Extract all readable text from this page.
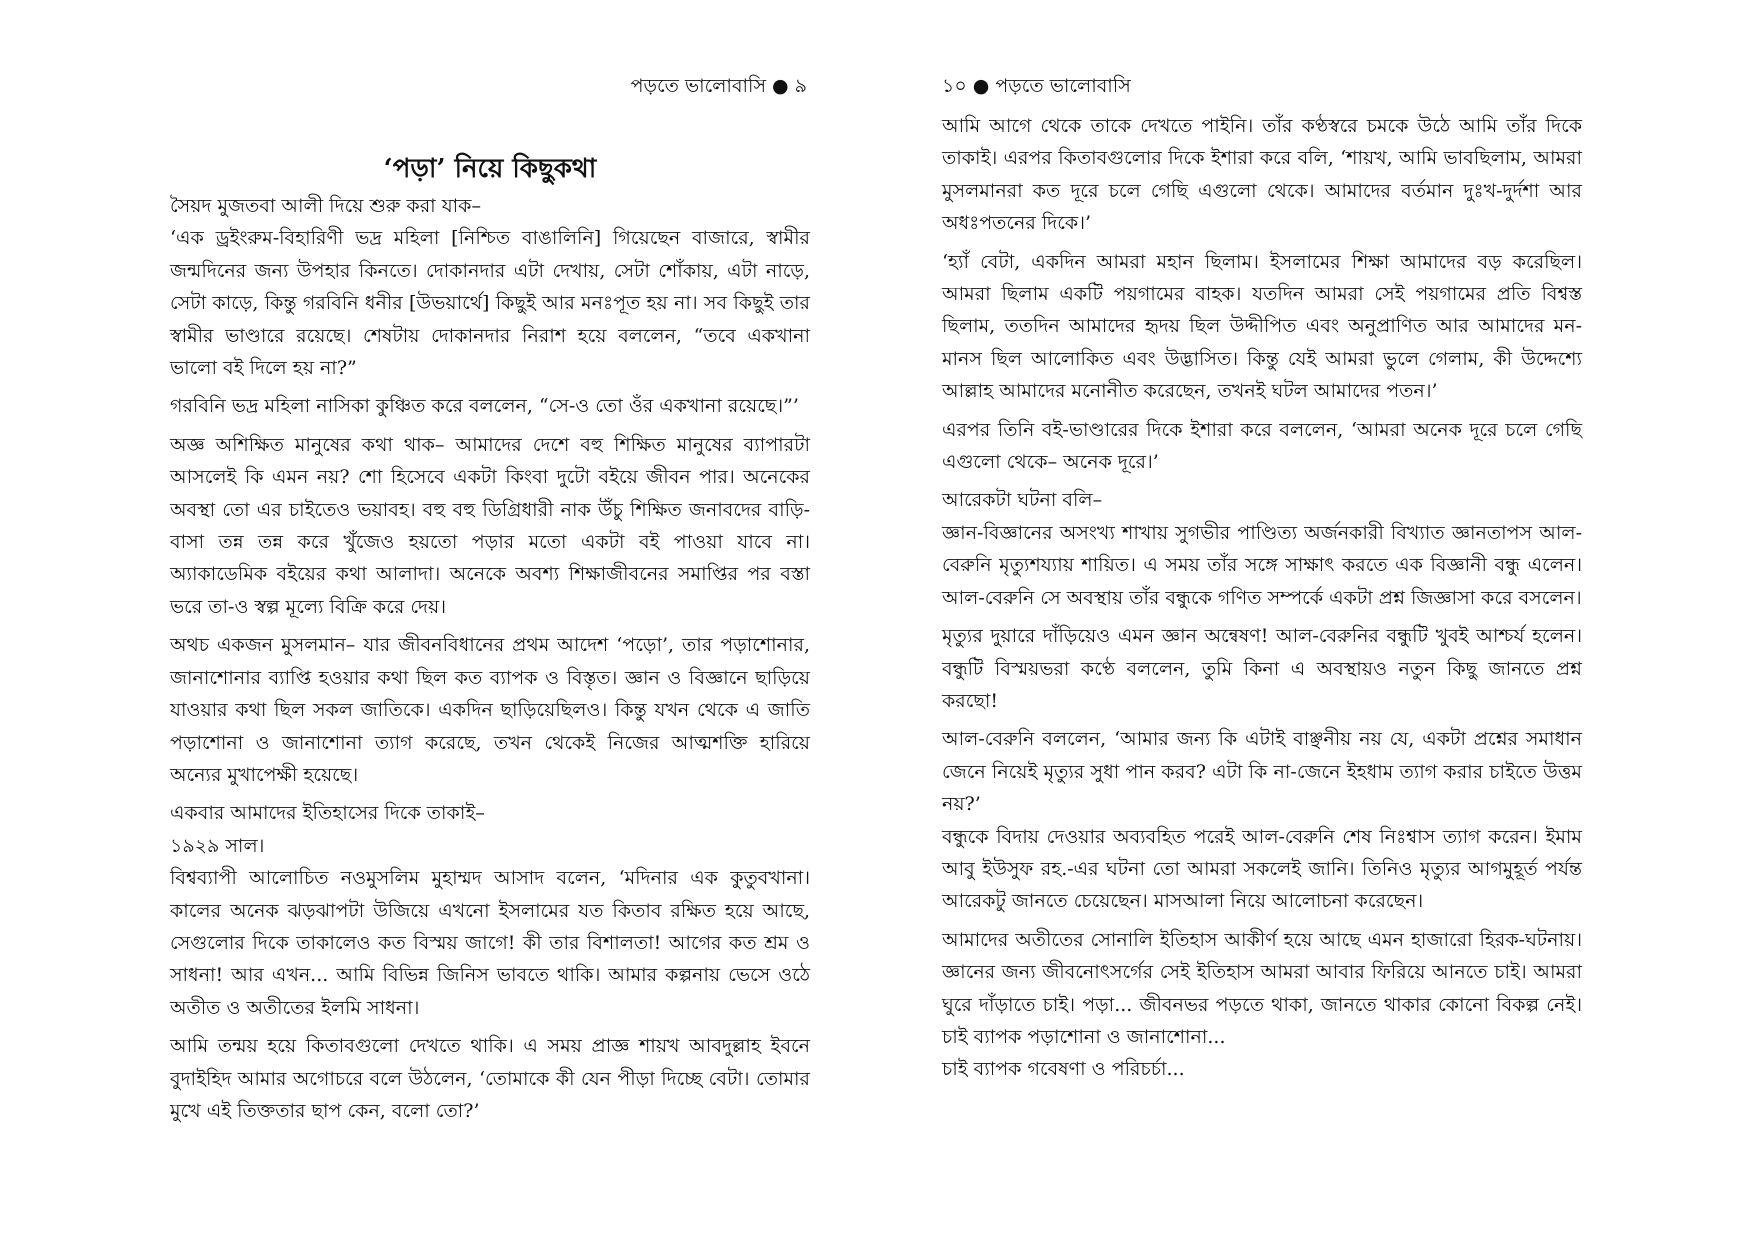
পড়তে ভালোবাসি ● ৯
‘পড়া’ নিয়ে কিছুকথা

সৈয়দ মুজতবা আলী দিয়ে শুরু করা যাক–

‘এক ড্রইংরুম-বিহারিণী ভদ্র মহিলা [নিশ্চিত বাঙালিনি] গিয়েছেন বাজারে, স্বামীর জন্মদিনের জন্য উপহার কিনতে। দোকানদার এটা দেখায়, সেটা শোঁকায়, এটা নাড়ে, সেটা কাড়ে, কিন্তু গরবিনি ধনীর [উভয়ার্থে] কিছুই আর মনঃপূত হয় না। সব কিছুই তার স্বামীর ভাণ্ডারে রয়েছে। শেষটায় দোকানদার নিরাশ হয়ে বললেন, “তবে একখানা ভালো বই দিলে হয় না?”

গরবিনি ভদ্র মহিলা নাসিকা কুঞ্চিত করে বললেন, “সে-ও তো ওঁর একখানা রয়েছে।”’

অজ্ঞ অশিক্ষিত মানুষের কথা থাক– আমাদের দেশে বহু শিক্ষিত মানুষের ব্যাপারটা আসলেই কি এমন নয়? শো হিসেবে একটা কিংবা দুটো বইয়ে জীবন পার। অনেকের অবস্থা তো এর চাইতেও ভয়াবহ। বহু বহু ডিগ্রিধারী নাক উঁচু শিক্ষিত জনাবদের বাড়ি-বাসা তন্ন তন্ন করে খুঁজেও হয়তো পড়ার মতো একটা বই পাওয়া যাবে না। অ্যাকাডেমিক বইয়ের কথা আলাদা। অনেকে অবশ্য শিক্ষাজীবনের সমাপ্তির পর বস্তা ভরে তা-ও স্বল্প মূল্যে বিক্রি করে দেয়।

অথচ একজন মুসলমান– যার জীবনবিধানের প্রথম আদেশ ‘পড়ো’, তার পড়াশোনার, জানাশোনার ব্যাপ্তি হওয়ার কথা ছিল কত ব্যাপক ও বিস্তৃত। জ্ঞান ও বিজ্ঞানে ছাড়িয়ে যাওয়ার কথা ছিল সকল জাতিকে। একদিন ছাড়িয়েছিলও। কিন্তু যখন থেকে এ জাতি পড়াশোনা ও জানাশোনা ত্যাগ করেছে, তখন থেকেই নিজের আত্মশক্তি হারিয়ে অন্যের মুখাপেক্ষী হয়েছে।

একবার আমাদের ইতিহাসের দিকে তাকাই–

১৯২৯ সাল।

বিশ্বব্যাপী আলোচিত নওমুসলিম মুহাম্মদ আসাদ বলেন, ‘মদিনার এক কুতুবখানা। কালের অনেক ঝড়ঝাপটা উজিয়ে এখনো ইসলামের যত কিতাব রক্ষিত হয়ে আছে, সেগুলোর দিকে তাকালেও কত বিস্ময় জাগে! কী তার বিশালতা! আগের কত শ্রম ও সাধনা! আর এখন... আমি বিভিন্ন জিনিস ভাবতে থাকি। আমার কল্পনায় ভেসে ওঠে অতীত ও অতীতের ইলমি সাধনা।

আমি তন্ময় হয়ে কিতাবগুলো দেখতে থাকি। এ সময় প্রাজ্ঞ শায়খ আবদুল্লাহ ইবনে বুদাইহিদ আমার অগোচরে বলে উঠলেন, ‘তোমাকে কী যেন পীড়া দিচ্ছে বেটা। তোমার মুখে এই তিক্ততার ছাপ কেন, বলো তো?’

১০ ● পড়তে ভালোবাসি

আমি আগে থেকে তাকে দেখতে পাইনি। তাঁর কণ্ঠস্বরে চমকে উঠে আমি তাঁর দিকে তাকাই। এরপর কিতাবগুলোর দিকে ইশারা করে বলি, ‘শায়খ, আমি ভাবছিলাম, আমরা মুসলমানরা কত দূরে চলে গেছি এগুলো থেকে। আমাদের বর্তমান দুঃখ-দুর্দশা আর অধঃপতনের দিকে।’

‘হ্যাঁ বেটা, একদিন আমরা মহান ছিলাম। ইসলামের শিক্ষা আমাদের বড় করেছিল। আমরা ছিলাম একটি পয়গামের বাহক। যতদিন আমরা সেই পয়গামের প্রতি বিশ্বস্ত ছিলাম, ততদিন আমাদের হৃদয় ছিল উদ্দীপিত এবং অনুপ্রাণিত আর আমাদের মন-মানস ছিল আলোকিত এবং উদ্ভাসিত। কিন্তু যেই আমরা ভুলে গেলাম, কী উদ্দেশ্যে আল্লাহ আমাদের মনোনীত করেছেন, তখনই ঘটল আমাদের পতন।’

এরপর তিনি বই-ভাণ্ডারের দিকে ইশারা করে বললেন, ‘আমরা অনেক দূরে চলে গেছি এগুলো থেকে– অনেক দূরে।’

আরেকটা ঘটনা বলি–

জ্ঞান-বিজ্ঞানের অসংখ্য শাখায় সুগভীর পাণ্ডিত্য অর্জনকারী বিখ্যাত জ্ঞানতাপস আল-বেরুনি মৃত্যুশয্যায় শায়িত। এ সময় তাঁর সঙ্গে সাক্ষাৎ করতে এক বিজ্ঞানী বন্ধু এলেন। আল-বেরুনি সে অবস্থায় তাঁর বন্ধুকে গণিত সম্পর্কে একটা প্রশ্ন জিজ্ঞাসা করে বসলেন।

মৃত্যুর দুয়ারে দাঁড়িয়েও এমন জ্ঞান অন্বেষণ! আল-বেরুনির বন্ধুটি খুবই আশ্চর্য হলেন। বন্ধুটি বিস্ময়ভরা কণ্ঠে বললেন, তুমি কিনা এ অবস্থায়ও নতুন কিছু জানতে প্রশ্ন করছো!

আল-বেরুনি বললেন, ‘আমার জন্য কি এটাই বাঞ্ছনীয় নয় যে, একটা প্রশ্নের সমাধান জেনে নিয়েই মৃত্যুর সুধা পান করব? এটা কি না-জেনে ইহধাম ত্যাগ করার চাইতে উত্তম নয়?’

বন্ধুকে বিদায় দেওয়ার অব্যবহিত পরেই আল-বেরুনি শেষ নিঃশ্বাস ত্যাগ করেন। ইমাম আবু ইউসুফ রহ.-এর ঘটনা তো আমরা সকলেই জানি। তিনিও মৃত্যুর আগমুহূর্ত পর্যন্ত আরেকটু জানতে চেয়েছেন। মাসআলা নিয়ে আলোচনা করেছেন।

আমাদের অতীতের সোনালি ইতিহাস আকীর্ণ হয়ে আছে এমন হাজারো হিরক-ঘটনায়। জ্ঞানের জন্য জীবনোৎসর্গের সেই ইতিহাস আমরা আবার ফিরিয়ে আনতে চাই। আমরা ঘুরে দাঁড়াতে চাই। পড়া... জীবনভর পড়তে থাকা, জানতে থাকার কোনো বিকল্প নেই। চাই ব্যাপক পড়াশোনা ও জানাশোনা...

চাই ব্যাপক গবেষণা ও পরিচর্চা...
